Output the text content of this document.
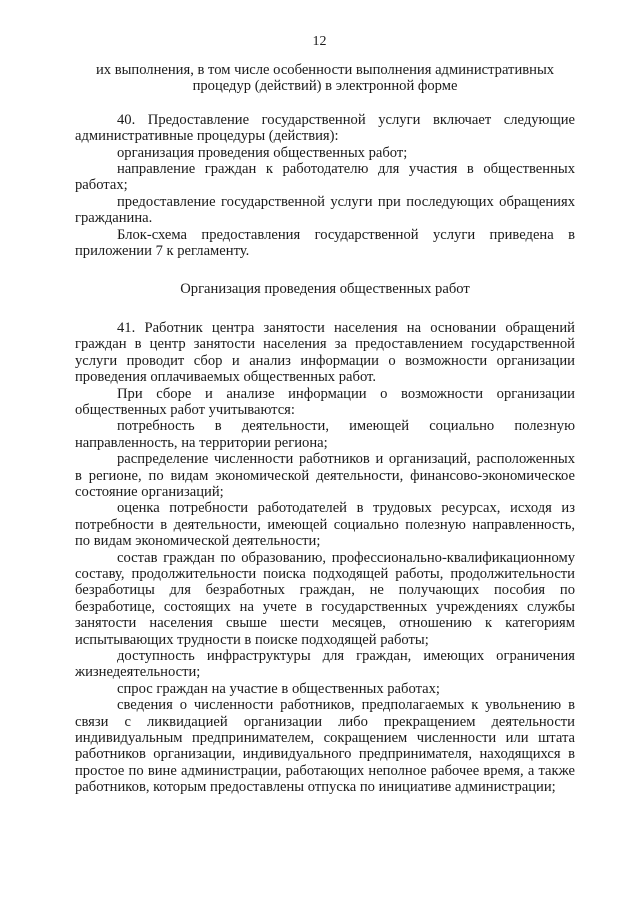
12
их выполнения, в том числе особенности выполнения административных
процедур (действий) в электронной форме
40. Предоставление государственной услуги включает следующие административные процедуры (действия):
организация проведения общественных работ;
направление граждан к работодателю для участия в общественных работах;
предоставление государственной услуги при последующих обращениях гражданина.
Блок-схема предоставления государственной услуги приведена в приложении 7 к регламенту.
Организация проведения общественных работ
41. Работник центра занятости населения на основании обращений граждан в центр занятости населения за предоставлением государственной услуги проводит сбор и анализ информации о возможности организации проведения оплачиваемых общественных работ.
При сборе и анализе информации о возможности организации общественных работ учитываются:
потребность в деятельности, имеющей социально полезную направленность, на территории региона;
распределение численности работников и организаций, расположенных в регионе, по видам экономической деятельности, финансово-экономическое состояние организаций;
оценка потребности работодателей в трудовых ресурсах, исходя из потребности в деятельности, имеющей социально полезную направленность, по видам экономической деятельности;
состав граждан по образованию, профессионально-квалификационному составу, продолжительности поиска подходящей работы, продолжительности безработицы для безработных граждан, не получающих пособия по безработице, состоящих на учете в государственных учреждениях службы занятости населения свыше шести месяцев, отношению к категориям испытывающих трудности в поиске подходящей работы;
доступность инфраструктуры для граждан, имеющих ограничения жизнедеятельности;
спрос граждан на участие в общественных работах;
сведения о численности работников, предполагаемых к увольнению в связи с ликвидацией организации либо прекращением деятельности индивидуальным предпринимателем, сокращением численности или штата работников организации, индивидуального предпринимателя, находящихся в простое по вине администрации, работающих неполное рабочее время, а также работников, которым предоставлены отпуска по инициативе администрации;
